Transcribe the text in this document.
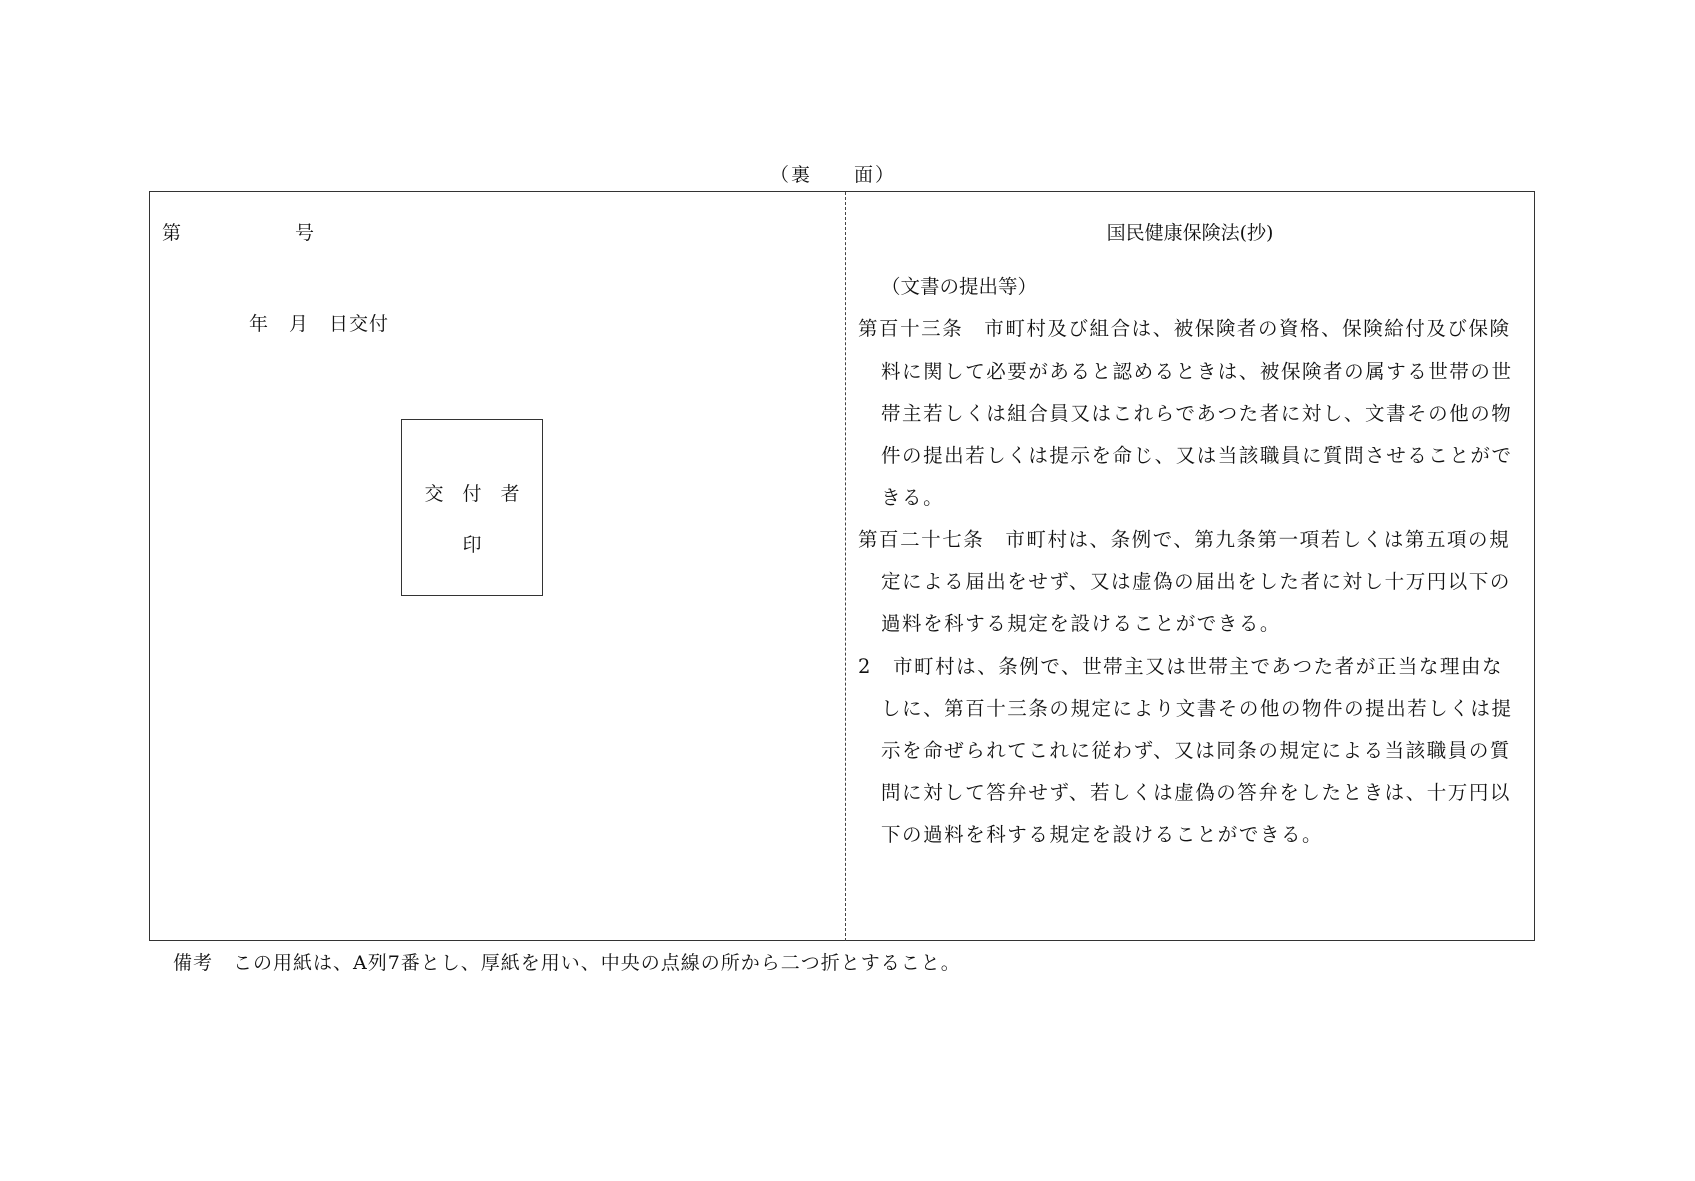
（裏　　面）
第	号
年　月　日交付
交　付　者
印
国民健康保険法(抄)
（文書の提出等）
第百十三条　市町村及び組合は、被保険者の資格、保険給付及び保険
料に関して必要があると認めるときは、被保険者の属する世帯の世
帯主若しくは組合員又はこれらであつた者に対し、文書その他の物
件の提出若しくは提示を命じ、又は当該職員に質問させることがで
きる。
第百二十七条　市町村は、条例で、第九条第一項若しくは第五項の規
定による届出をせず、又は虚偽の届出をした者に対し十万円以下の
過料を科する規定を設けることができる。
2　市町村は、条例で、世帯主又は世帯主であつた者が正当な理由な
しに、第百十三条の規定により文書その他の物件の提出若しくは提
示を命ぜられてこれに従わず、又は同条の規定による当該職員の質
問に対して答弁せず、若しくは虚偽の答弁をしたときは、十万円以
下の過料を科する規定を設けることができる。
備考　この用紙は、A列7番とし、厚紙を用い、中央の点線の所から二つ折とすること。
